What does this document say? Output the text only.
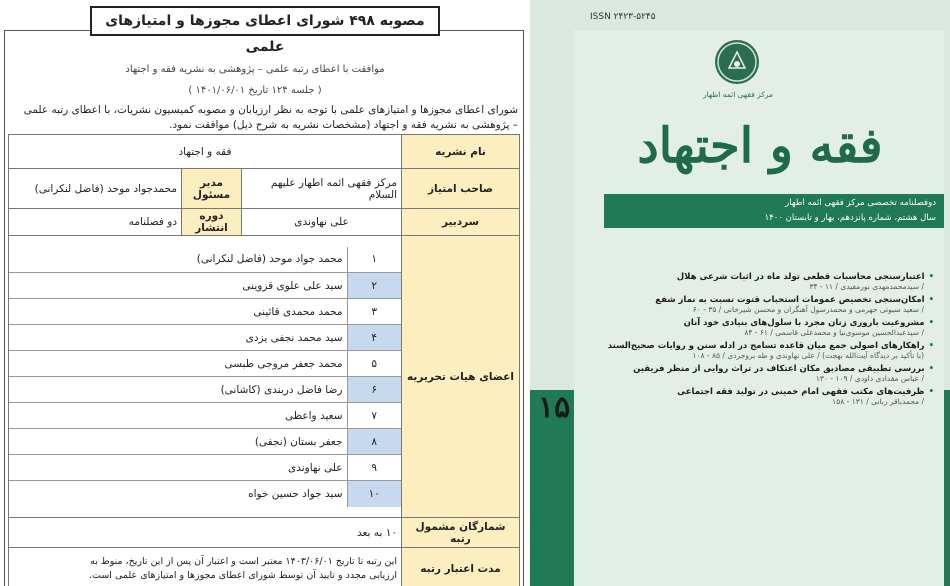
مصوبه ۴۹۸ شورای اعطای مجوزها و امتیازهای علمی
موافقت با اعطای رتبه علمی – پژوهشی به نشریه فقه و اجتهاد
( جلسه ۱۲۴ تاریخ ۱۴۰۱/۰۶/۰۱ )
شورای اعطای مجوزها و امتیازهای علمی با توجه به نظر ارزیابان و مصوبه کمیسیون نشریات، با اعطای رتبه علمی
– پژوهشی به نشریه فقه و اجتهاد (مشخصات نشریه به شرح ذیل) موافقت نمود.
نام نشریه	فقه و اجتهاد
صاحب امتیاز	مرکز فقهی ائمه اطهار علیهم السلام	مدیر مسئول	محمدجواد موحد (فاضل لنکرانی)
سردبیر	علی نهاوندی	دوره انتشار	دو فصلنامه
اعضای هیات تحریریه	
۱	محمد جواد موحد (فاضل لنکرانی)
۲	سید علی علوی قزوینی
۳	محمد محمدی قائینی
۴	سید محمد نجفی یزدی
۵	محمد جعفر مروجی طبسی
۶	رضا فاضل دربندی (کاشانی)
۷	سعید واعظی
۸	جعفر بستان (نجفی)
۹	علی نهاوندی
۱۰	سید جواد حسین خواه

شمارگان مشمول رتبه	۱۰ به بعد
مدت اعتبار رتبه	
این رتبه تا تاریخ ۱۴۰۳/۰۶/۰۱ معتبر است و اعتبار آن پس از این تاریخ، منوط به
ارزیابی مجدد و تایید آن توسط شورای اعطای مجوزها و امتیازهای علمی است.
ISSN ۲۴۲۳-۵۲۴۵
مرکز فقهی ائمه اطهار
فقه و اجتهاد
دوفصلنامه تخصصی مرکز فقهی ائمه اطهار
سال هشتم، شماره پانزدهم، بهار و تابستان ۱۴۰۰
۱۵
• اعتبارسنجی محاسبات قطعی تولد ماه در اثبات شرعی هلال
/ سیدمحمدمهدی نورمفیدی / ۱۱ - ۳۴
• امکان‌سنجی تخصیص عمومات استحباب قنوت نسبت به نماز شفع
/ سعید سیوتی جهرمی و محمدرسول آهنگران و محسن شیرخانی / ۳۵ - ۶۰
• مشروعیت باروری زنان مجرد با سلول‌های بنیادی خود آنان
/ سیدعبدالحسین موسوی‌نیا و محمدعلی قاسمی / ۶۱ - ۸۴
• راهکارهای اصولی جمع میان قاعده تسامح در ادله سنن و روایات صحیح‌السند
(با تأکید بر دیدگاه آیت‌الله بهجت) / علی نهاوندی و طه بروجردی / ۸۵ - ۱۰۸
• بررسی تطبیقی مصادیق مکان اعتکاف در تراث روایی از منظر فریقین
/ عباس مقدادی داودی / ۱۰۹ - ۱۳۰
• ظرفیت‌های مکتب فقهی امام خمینی در تولید فقه اجتماعی
/ محمدباقر ربانی / ۱۳۱ - ۱۵۸
